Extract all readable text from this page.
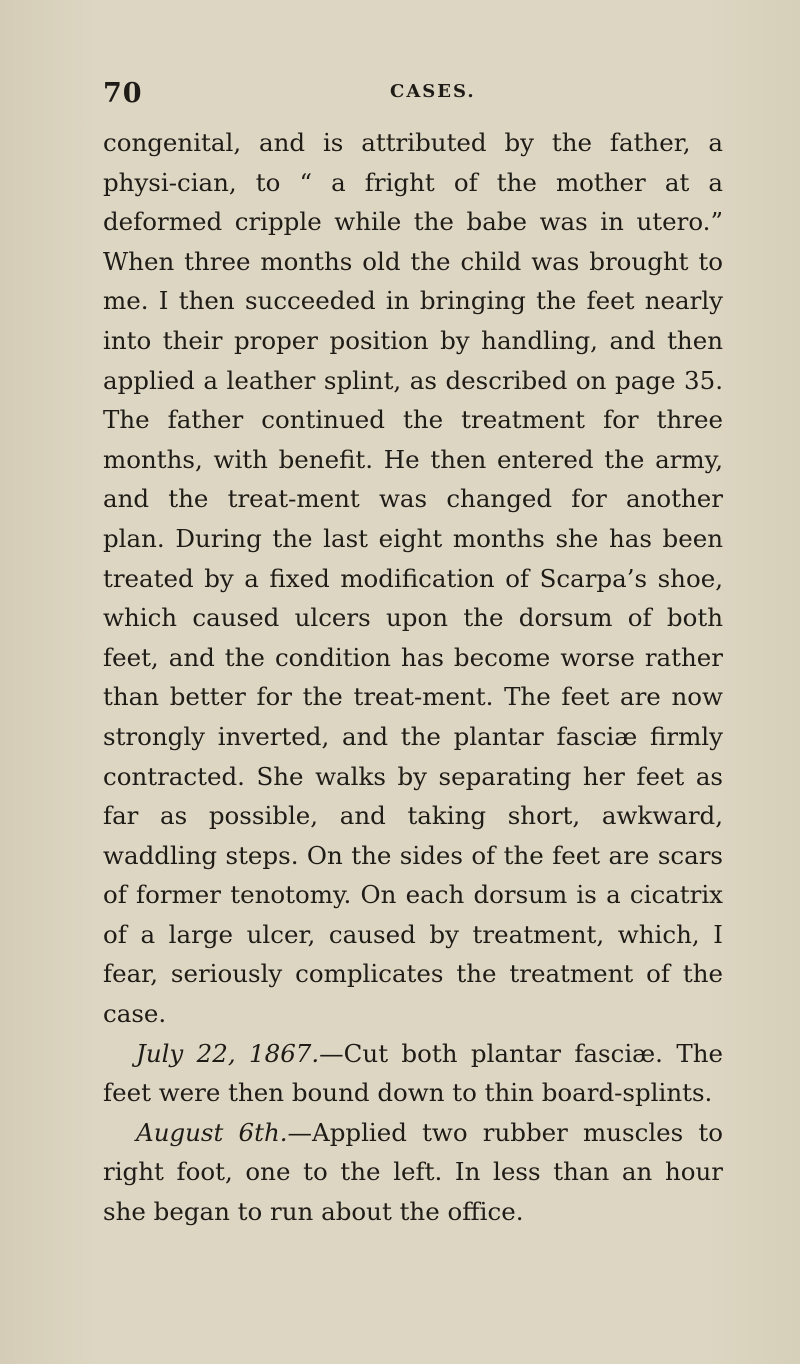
70	CASES.

congenital, and is attributed by the father, a physi-cian, to “ a fright of the mother at a deformed cripple while the babe was in utero.” When three months old the child was brought to me. I then succeeded in bringing the feet nearly into their proper position by handling, and then applied a leather splint, as described on page 35. The father continued the treatment for three months, with benefit. He then entered the army, and the treat-ment was changed for another plan. During the last eight months she has been treated by a fixed modification of Scarpa’s shoe, which caused ulcers upon the dorsum of both feet, and the condition has become worse rather than better for the treat-ment. The feet are now strongly inverted, and the plantar fasciæ firmly contracted. She walks by separating her feet as far as possible, and taking short, awkward, waddling steps. On the sides of the feet are scars of former tenotomy. On each dorsum is a cicatrix of a large ulcer, caused by treatment, which, I fear, seriously complicates the treatment of the case.

July 22, 1867.—Cut both plantar fasciæ. The feet were then bound down to thin board-splints.

August 6th.—Applied two rubber muscles to right foot, one to the left. In less than an hour she began to run about the office.
